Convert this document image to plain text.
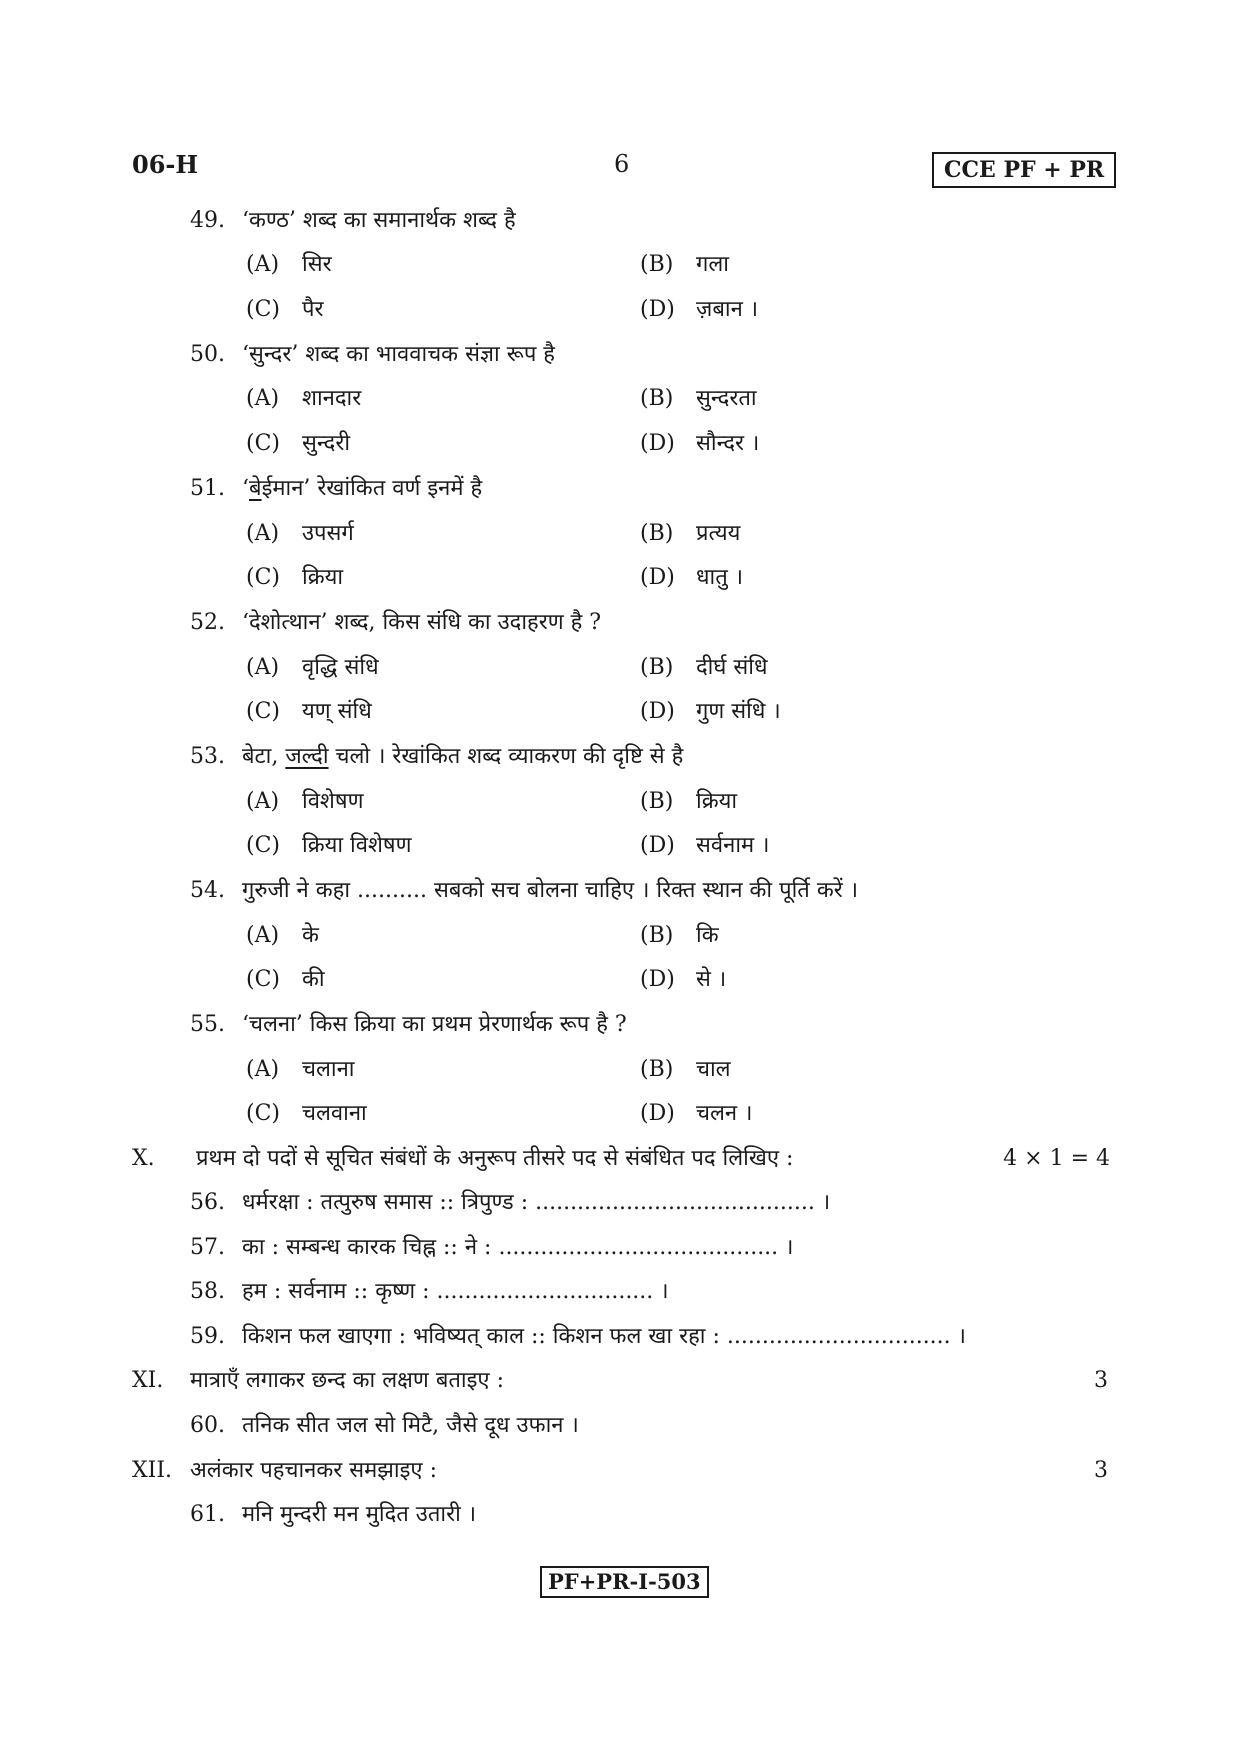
06-H	6	CCE PF + PR
49. ‘कण्ठ’ शब्द का समानार्थक शब्द है
(A) सिर	(B) गला
(C) पैर	(D) ज़बान ।
50. ‘सुन्दर’ शब्द का भाववाचक संज्ञा रूप है
(A) शानदार	(B) सुन्दरता
(C) सुन्दरी	(D) सौन्दर ।
51. ‘बेईमान’ रेखांकित वर्ण इनमें है
(A) उपसर्ग	(B) प्रत्यय
(C) क्रिया	(D) धातु ।
52. ‘देशोत्थान’ शब्द, किस संधि का उदाहरण है ?
(A) वृद्धि संधि	(B) दीर्घ संधि
(C) यण् संधि	(D) गुण संधि ।
53. बेटा, जल्दी चलो । रेखांकित शब्द व्याकरण की दृष्टि से है
(A) विशेषण	(B) क्रिया
(C) क्रिया विशेषण	(D) सर्वनाम ।
54. गुरुजी ने कहा .......... सबको सच बोलना चाहिए । रिक्त स्थान की पूर्ति करें ।
(A) के	(B) कि
(C) की	(D) से ।
55. ‘चलना’ किस क्रिया का प्रथम प्रेरणार्थक रूप है ?
(A) चलाना	(B) चाल
(C) चलवाना	(D) चलन ।
X. प्रथम दो पदों से सूचित संबंधों के अनुरूप तीसरे पद से संबंधित पद लिखिए :	4 × 1 = 4
56. धर्मरक्षा : तत्पुरुष समास :: त्रिपुण्ड : ........................................ ।
57. का : सम्बन्ध कारक चिह्न :: ने : ........................................ ।
58. हम : सर्वनाम :: कृष्ण : ............................... ।
59. किशन फल खाएगा : भविष्यत् काल :: किशन फल खा रहा : ................................ ।
XI. मात्राएँ लगाकर छन्द का लक्षण बताइए :	3
60. तनिक सीत जल सो मिटै, जैसे दूध उफान ।
XII. अलंकार पहचानकर समझाइए :	3
61. मनि मुन्दरी मन मुदित उतारी ।
PF+PR-I-503
